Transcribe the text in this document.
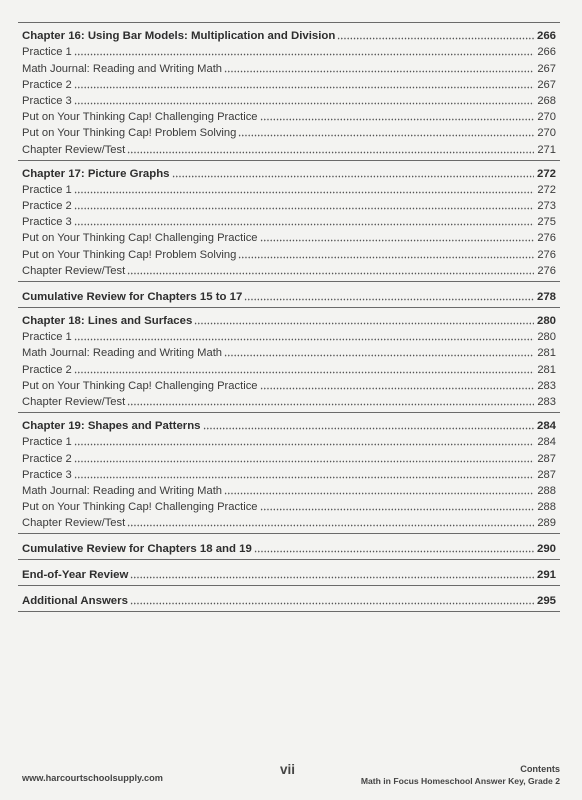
Chapter 16: Using Bar Models: Multiplication and Division	266
Practice 1	266
Math Journal: Reading and Writing Math	267
Practice 2	267
Practice 3	268
Put on Your Thinking Cap! Challenging Practice	270
Put on Your Thinking Cap! Problem Solving	270
Chapter Review/Test	271
Chapter 17: Picture Graphs	272
Practice 1	272
Practice 2	273
Practice 3	275
Put on Your Thinking Cap! Challenging Practice	276
Put on Your Thinking Cap! Problem Solving	276
Chapter Review/Test	276
Cumulative Review for Chapters 15 to 17	278
Chapter 18: Lines and Surfaces	280
Practice 1	280
Math Journal: Reading and Writing Math	281
Practice 2	281
Put on Your Thinking Cap! Challenging Practice	283
Chapter Review/Test	283
Chapter 19: Shapes and Patterns	284
Practice 1	284
Practice 2	287
Practice 3	287
Math Journal: Reading and Writing Math	288
Put on Your Thinking Cap! Challenging Practice	288
Chapter Review/Test	289
Cumulative Review for Chapters 18 and 19	290
End-of-Year Review	291
Additional Answers	295
www.harcourtschoolsupply.com
vii	Contents
Math in Focus Homeschool Answer Key, Grade 2
